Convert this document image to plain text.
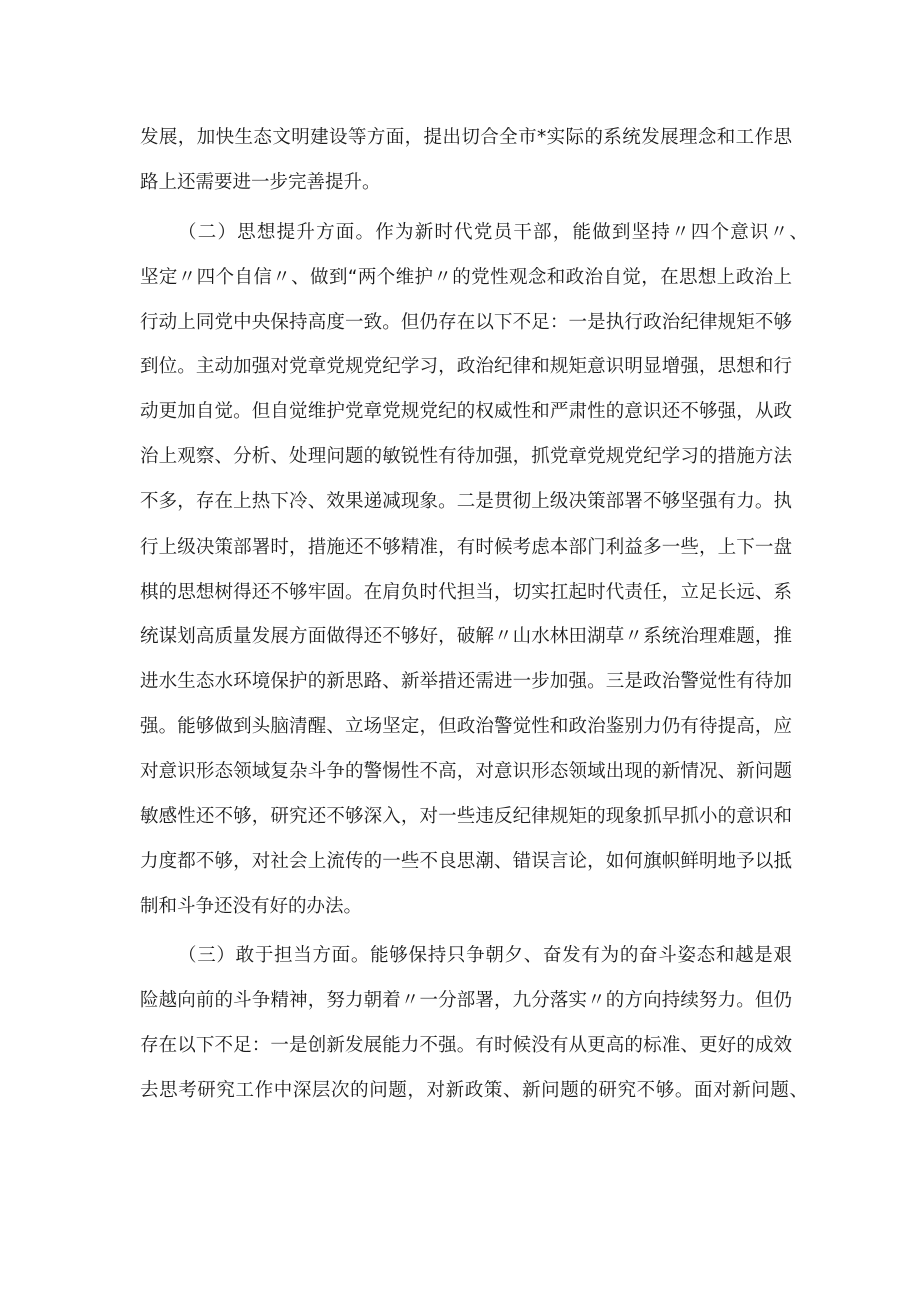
发展，加快生态文明建设等方面，提出切合全市*实际的系统发展理念和工作思
路上还需要进一步完善提升。
（二）思想提升方面。作为新时代党员干部，能做到坚持〃四个意识〃、
坚定〃四个自信〃、做到“两个维护〃的党性观念和政治自觉，在思想上政治上
行动上同党中央保持高度一致。但仍存在以下不足：一是执行政治纪律规矩不够
到位。主动加强对党章党规党纪学习，政治纪律和规矩意识明显增强，思想和行
动更加自觉。但自觉维护党章党规党纪的权威性和严肃性的意识还不够强，从政
治上观察、分析、处理问题的敏锐性有待加强，抓党章党规党纪学习的措施方法
不多，存在上热下冷、效果递减现象。二是贯彻上级决策部署不够坚强有力。执
行上级决策部署时，措施还不够精准，有时候考虑本部门利益多一些，上下一盘
棋的思想树得还不够牢固。在肩负时代担当，切实扛起时代责任，立足长远、系
统谋划高质量发展方面做得还不够好，破解〃山水林田湖草〃系统治理难题，推
进水生态水环境保护的新思路、新举措还需进一步加强。三是政治警觉性有待加
强。能够做到头脑清醒、立场坚定，但政治警觉性和政治鉴别力仍有待提高，应
对意识形态领域复杂斗争的警惕性不高，对意识形态领域出现的新情况、新问题
敏感性还不够，研究还不够深入，对一些违反纪律规矩的现象抓早抓小的意识和
力度都不够，对社会上流传的一些不良思潮、错误言论，如何旗帜鲜明地予以抵
制和斗争还没有好的办法。
（三）敢于担当方面。能够保持只争朝夕、奋发有为的奋斗姿态和越是艰
险越向前的斗争精神，努力朝着〃一分部署，九分落实〃的方向持续努力。但仍
存在以下不足：一是创新发展能力不强。有时候没有从更高的标准、更好的成效
去思考研究工作中深层次的问题，对新政策、新问题的研究不够。面对新问题、
